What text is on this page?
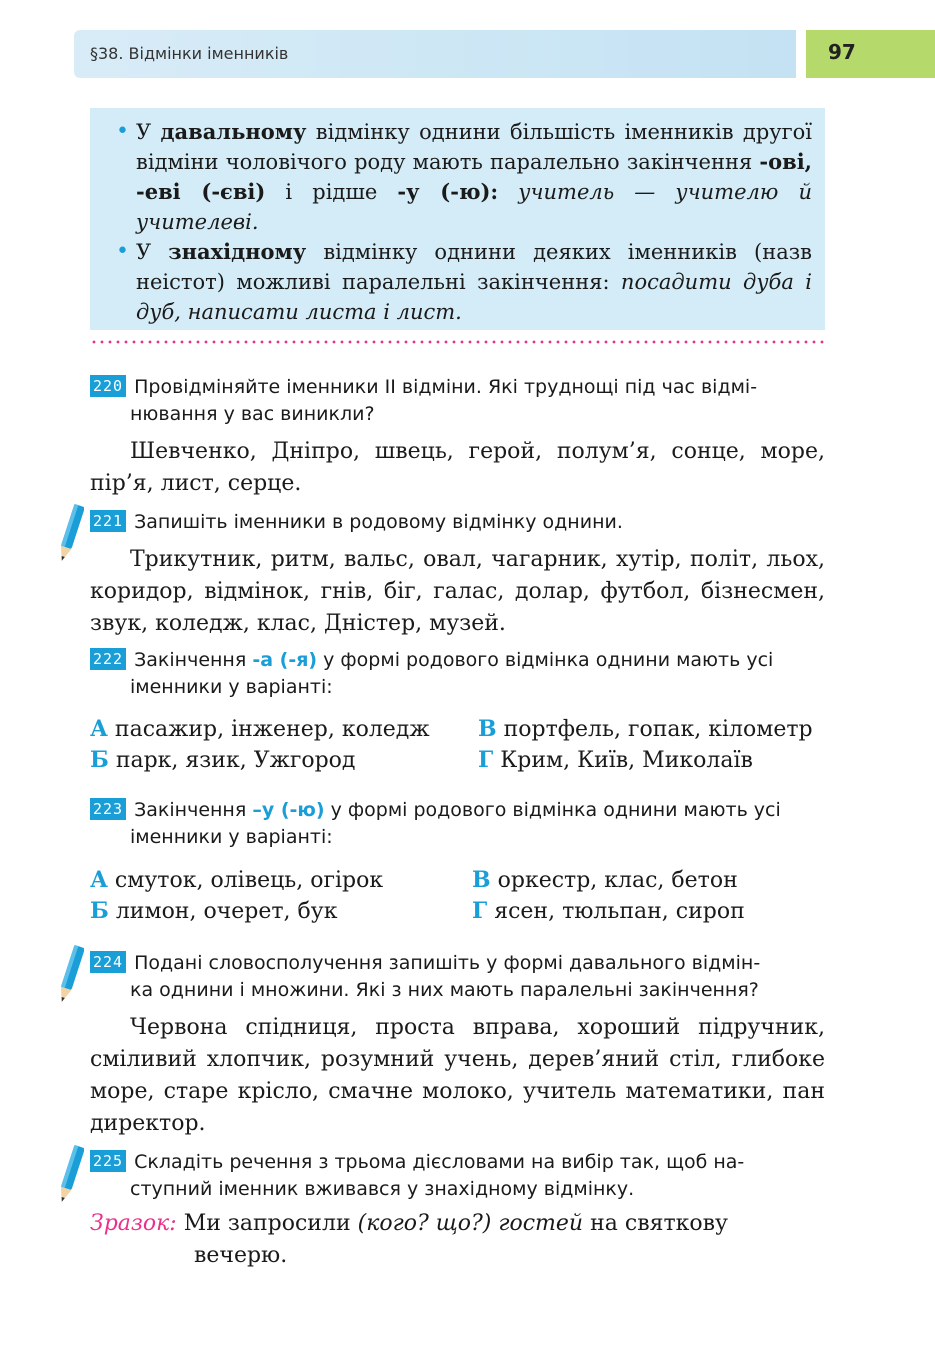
§38. Відмінки іменників	97
• У давальному відмінку однини більшість іменників другої відміни чоловічого роду мають паралельно закінчення -ові, -еві (-єві) і рідше -у (-ю): учитель — учителю й учителеві.
• У знахідному відмінку однини деяких іменників (назв неістот) можливі паралельні закінчення: посадити дуба і дуб, написати листа і лист.
220 Провідміняйте іменники ІІ відміни. Які труднощі під час відмі-
нювання у вас виникли?
Шевченко, Дніпро, швець, герой, полум’я, сонце, море, пір’я, лист, серце.
221 Запишіть іменники в родовому відмінку однини.
Трикутник, ритм, вальс, овал, чагарник, хутір, політ, льох, коридор, відмінок, гнів, біг, галас, долар, футбол, бізнесмен, звук, коледж, клас, Дністер, музей.
222 Закінчення -а (-я) у формі родового відмінка однини мають усі
іменники у варіанті:
А пасажир, інженер, коледж
Б парк, язик, Ужгород
В портфель, гопак, кілометр
Г Крим, Київ, Миколаїв
223 Закінчення –у (-ю) у формі родового відмінка однини мають усі
іменники у варіанті:
А смуток, олівець, огірок
Б лимон, очерет, бук
В оркестр, клас, бетон
Г ясен, тюльпан, сироп
224 Подані словосполучення запишіть у формі давального відмін-
ка однини і множини. Які з них мають паралельні закінчення?
Червона спідниця, проста вправа, хороший підручник, сміливий хлопчик, розумний учень, дерев’яний стіл, глибоке море, старе крісло, смачне молоко, учитель математики, пан директор.
225 Складіть речення з трьома дієсловами на вибір так, щоб на-
ступний іменник вживався у знахідному відмінку.
Зразок: Ми запросили (кого? що?) гостей на святкову
вечерю.
